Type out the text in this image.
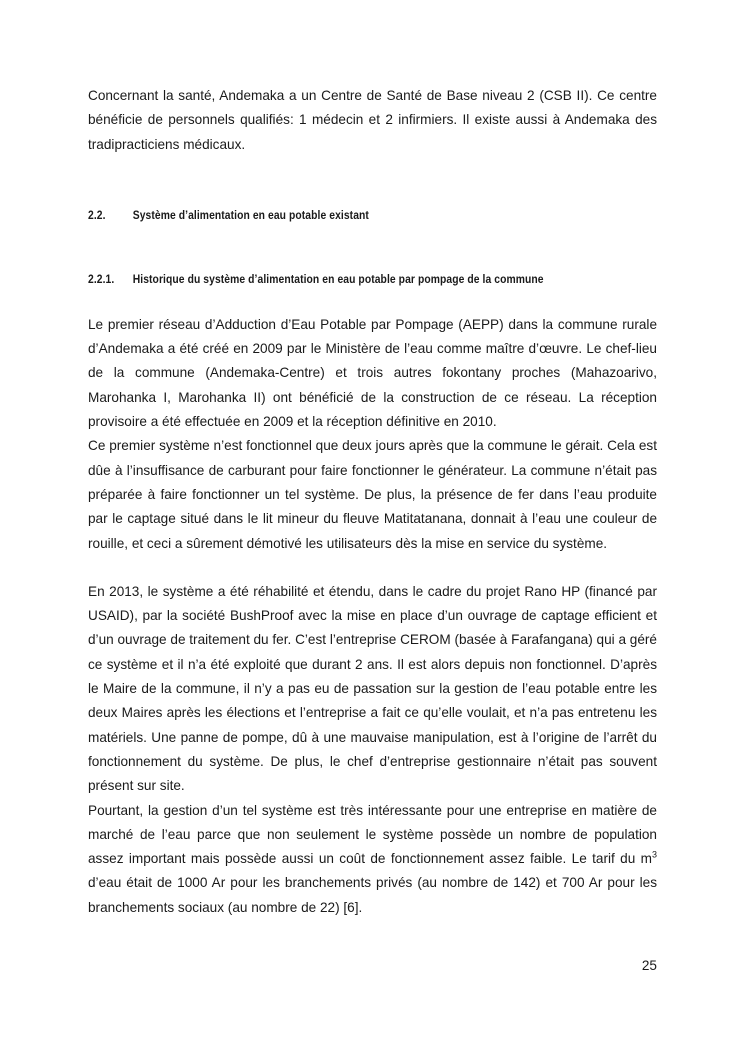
Concernant la santé, Andemaka a un Centre de Santé de Base niveau 2 (CSB II). Ce centre bénéficie de personnels qualifiés: 1 médecin et 2 infirmiers. Il existe aussi à Andemaka des tradipracticiens médicaux.

2.2.	Système d’alimentation en eau potable existant
2.2.1.	Historique du système d’alimentation en eau potable par pompage de la commune

Le premier réseau d’Adduction d’Eau Potable par Pompage (AEPP) dans la commune rurale d’Andemaka a été créé en 2009 par le Ministère de l’eau comme maître d’œuvre. Le chef-lieu de la commune (Andemaka-Centre) et trois autres fokontany proches (Mahazoarivo, Marohanka I, Marohanka II) ont bénéficié de la construction de ce réseau. La réception provisoire a été effectuée en 2009 et la réception définitive en 2010.

Ce premier système n’est fonctionnel que deux jours après que la commune le gérait. Cela est dûe à l’insuffisance de carburant pour faire fonctionner le générateur. La commune n’était pas préparée à faire fonctionner un tel système. De plus, la présence de fer dans l’eau produite par le captage situé dans le lit mineur du fleuve Matitatanana, donnait à l’eau une couleur de rouille, et ceci a sûrement démotivé les utilisateurs dès la mise en service du système.

En 2013, le système a été réhabilité et étendu, dans le cadre du projet Rano HP (financé par USAID), par la société BushProof avec la mise en place d’un ouvrage de captage efficient et d’un ouvrage de traitement du fer. C’est l’entreprise CEROM (basée à Farafangana) qui a géré ce système et il n’a été exploité que durant 2 ans. Il est alors depuis non fonctionnel. D’après le Maire de la commune, il n’y a pas eu de passation sur la gestion de l’eau potable entre les deux Maires après les élections et l’entreprise a fait ce qu’elle voulait, et n’a pas entretenu les matériels. Une panne de pompe, dû à une mauvaise manipulation, est à l’origine de l’arrêt du fonctionnement du système. De plus, le chef d’entreprise gestionnaire n’était pas souvent présent sur site.

Pourtant, la gestion d’un tel système est très intéressante pour une entreprise en matière de marché de l’eau parce que non seulement le système possède un nombre de population assez important mais possède aussi un coût de fonctionnement assez faible. Le tarif du $m^3$ d’eau était de 1000 Ar pour les branchements privés (au nombre de 142) et 700 Ar pour les branchements sociaux (au nombre de 22) [6].

25
